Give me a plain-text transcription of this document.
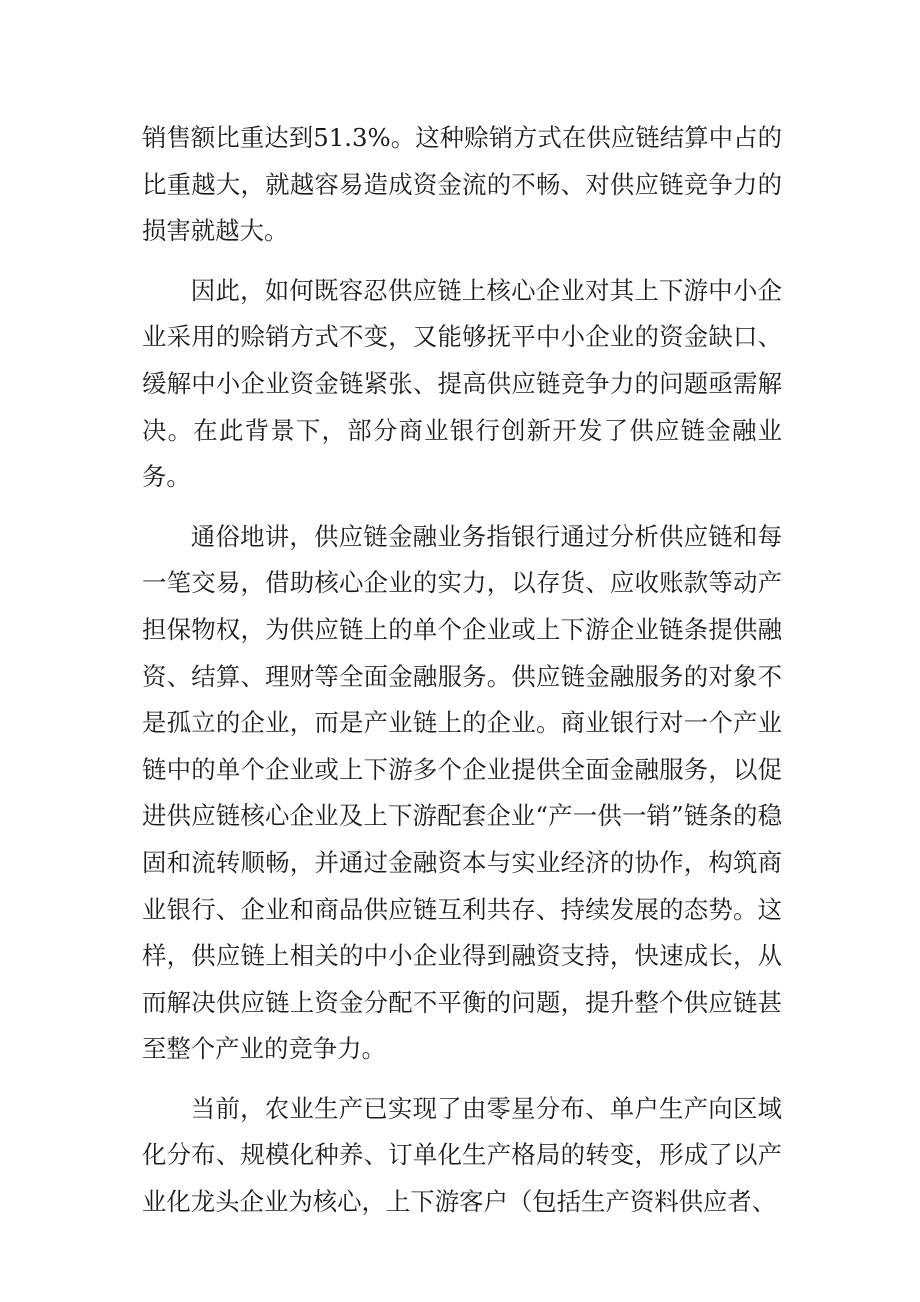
销售额比重达到51.3%。这种赊销方式在供应链结算中占的比重越大，就越容易造成资金流的不畅、对供应链竞争力的损害就越大。

因此，如何既容忍供应链上核心企业对其上下游中小企业采用的赊销方式不变，又能够抚平中小企业的资金缺口、缓解中小企业资金链紧张、提高供应链竞争力的问题亟需解决。在此背景下，部分商业银行创新开发了供应链金融业务。

通俗地讲，供应链金融业务指银行通过分析供应链和每一笔交易，借助核心企业的实力，以存货、应收账款等动产担保物权，为供应链上的单个企业或上下游企业链条提供融资、结算、理财等全面金融服务。供应链金融服务的对象不是孤立的企业，而是产业链上的企业。商业银行对一个产业链中的单个企业或上下游多个企业提供全面金融服务，以促进供应链核心企业及上下游配套企业“产一供一销”链条的稳固和流转顺畅，并通过金融资本与实业经济的协作，构筑商业银行、企业和商品供应链互利共存、持续发展的态势。这样，供应链上相关的中小企业得到融资支持，快速成长，从而解决供应链上资金分配不平衡的问题，提升整个供应链甚至整个产业的竞争力。

当前，农业生产已实现了由零星分布、单户生产向区域化分布、规模化种养、订单化生产格局的转变，形成了以产业化龙头企业为核心，上下游客户（包括生产资料供应者、
